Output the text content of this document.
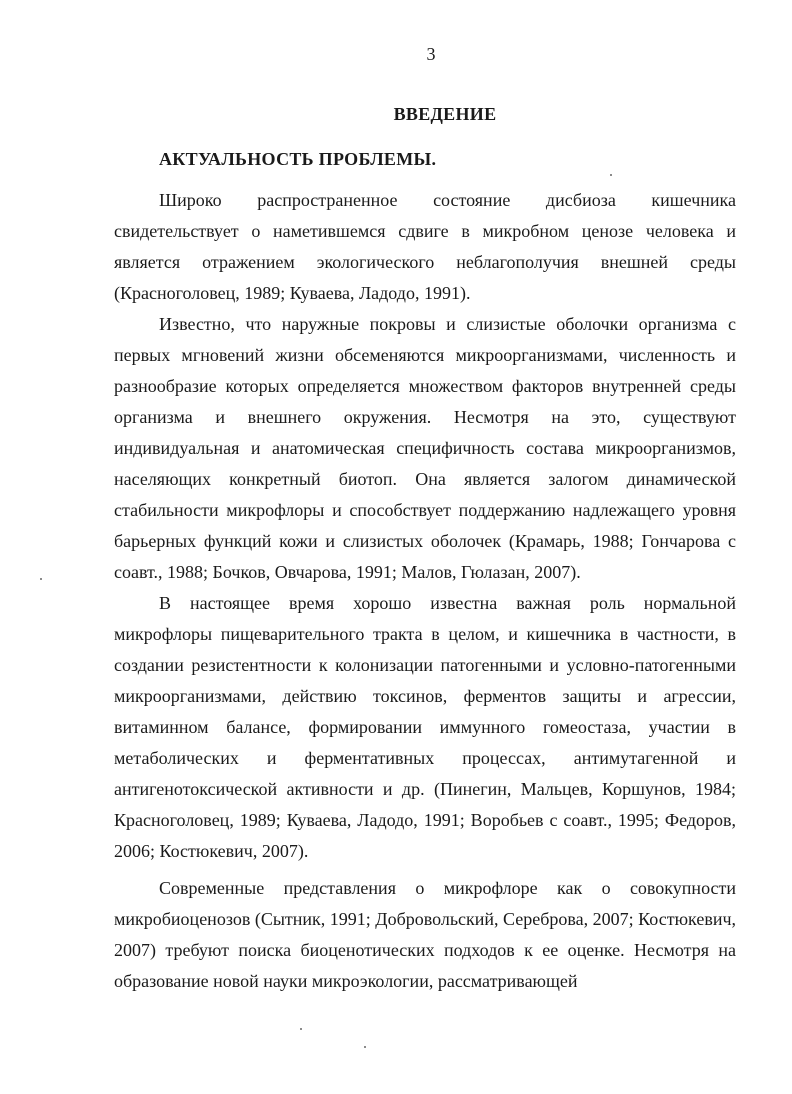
3
ВВЕДЕНИЕ
АКТУАЛЬНОСТЬ ПРОБЛЕМЫ.

Широко распространенное состояние дисбиоза кишечника свидетельствует о наметившемся сдвиге в микробном ценозе человека и является отражением экологического неблагополучия внешней среды (Красноголовец, 1989; Куваева, Ладодо, 1991).

Известно, что наружные покровы и слизистые оболочки организма с первых мгновений жизни обсеменяются микроорганизмами, численность и разнообразие которых определяется множеством факторов внутренней среды организма и внешнего окружения. Несмотря на это, существуют индивидуальная и анатомическая специфичность состава микроорганизмов, населяющих конкретный биотоп. Она является залогом динамической стабильности микрофлоры и способствует поддержанию надлежащего уровня барьерных функций кожи и слизистых оболочек (Крамарь, 1988; Гончарова с соавт., 1988; Бочков, Овчарова, 1991; Малов, Гюлазан, 2007).

В настоящее время хорошо известна важная роль нормальной микрофлоры пищеварительного тракта в целом, и кишечника в частности, в создании резистентности к колонизации патогенными и условно-патогенными микроорганизмами, действию токсинов, ферментов защиты и агрессии, витаминном балансе, формировании иммунного гомеостаза, участии в метаболических и ферментативных процессах, антимутагенной и антигенотоксической активности и др. (Пинегин, Мальцев, Коршунов, 1984; Красноголовец, 1989; Куваева, Ладодо, 1991; Воробьев с соавт., 1995; Федоров, 2006; Костюкевич, 2007).

Современные представления о микрофлоре как о совокупности микробиоценозов (Сытник, 1991; Добровольский, Сереброва, 2007; Костюкевич, 2007) требуют поиска биоценотических подходов к ее оценке. Несмотря на образование новой науки микроэкологии, рассматривающей
